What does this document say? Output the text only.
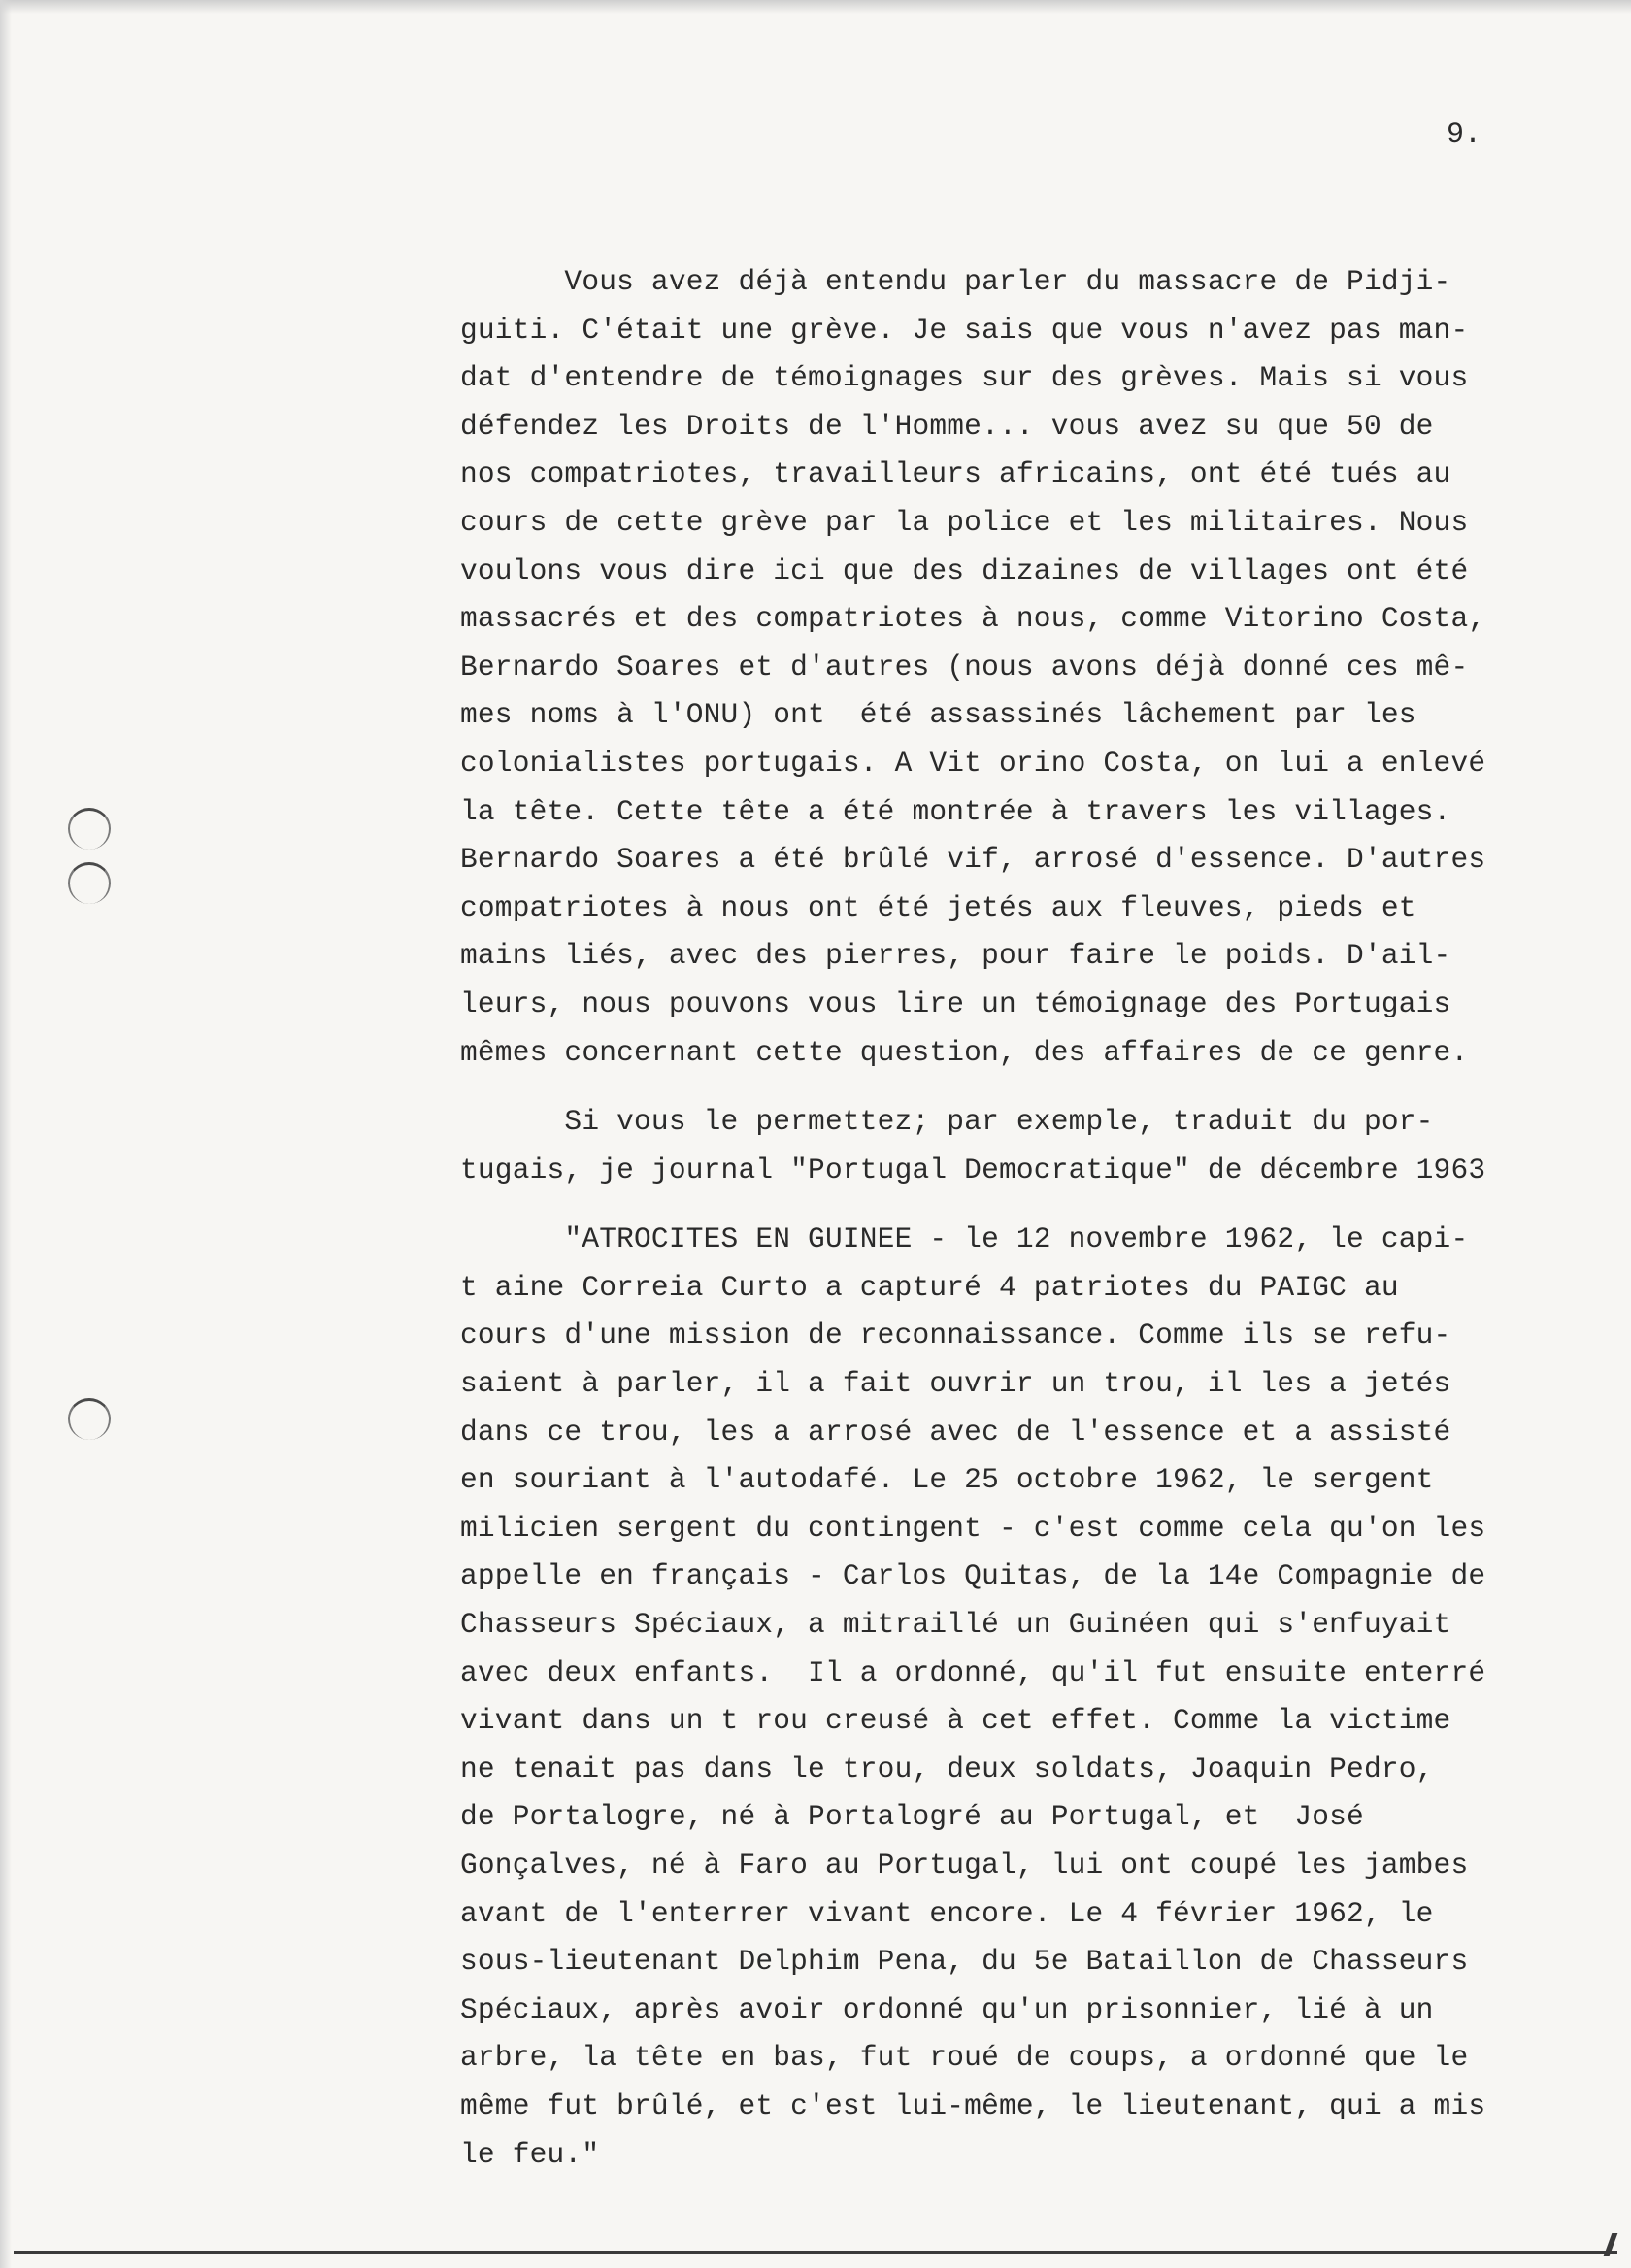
9.

Vous avez déjà entendu parler du massacre de Pidji-

guiti. C'était une grève. Je sais que vous n'avez pas man-

dat d'entendre de témoignages sur des grèves. Mais si vous

défendez les Droits de l'Homme... vous avez su que 50 de

nos compatriotes, travailleurs africains, ont été tués au

cours de cette grève par la police et les militaires. Nous

voulons vous dire ici que des dizaines de villages ont été

massacrés et des compatriotes à nous, comme Vitorino Costa,

Bernardo Soares et d'autres (nous avons déjà donné ces mê-

mes noms à l'ONU) ont  été assassinés lâchement par les

colonialistes portugais. A Vit orino Costa, on lui a enlevé

la tête. Cette tête a été montrée à travers les villages.

Bernardo Soares a été brûlé vif, arrosé d'essence. D'autres

compatriotes à nous ont été jetés aux fleuves, pieds et

mains liés, avec des pierres, pour faire le poids. D'ail-

leurs, nous pouvons vous lire un témoignage des Portugais

mêmes concernant cette question, des affaires de ce genre.

Si vous le permettez; par exemple, traduit du por-

tugais, je journal "Portugal Democratique" de décembre 1963

"ATROCITES EN GUINEE - le 12 novembre 1962, le capi-

t aine Correia Curto a capturé 4 patriotes du PAIGC au

cours d'une mission de reconnaissance. Comme ils se refu-

saient à parler, il a fait ouvrir un trou, il les a jetés

dans ce trou, les a arrosé avec de l'essence et a assisté

en souriant à l'autodafé. Le 25 octobre 1962, le sergent

milicien sergent du contingent - c'est comme cela qu'on les

appelle en français - Carlos Quitas, de la 14e Compagnie de

Chasseurs Spéciaux, a mitraillé un Guinéen qui s'enfuyait

avec deux enfants.  Il a ordonné, qu'il fut ensuite enterré

vivant dans un t rou creusé à cet effet. Comme la victime

ne tenait pas dans le trou, deux soldats, Joaquin Pedro,

de Portalogre, né à Portalogré au Portugal, et  José

Gonçalves, né à Faro au Portugal, lui ont coupé les jambes

avant de l'enterrer vivant encore. Le 4 février 1962, le

sous-lieutenant Delphim Pena, du 5e Bataillon de Chasseurs

Spéciaux, après avoir ordonné qu'un prisonnier, lié à un

arbre, la tête en bas, fut roué de coups, a ordonné que le

même fut brûlé, et c'est lui-même, le lieutenant, qui a mis

le feu."
